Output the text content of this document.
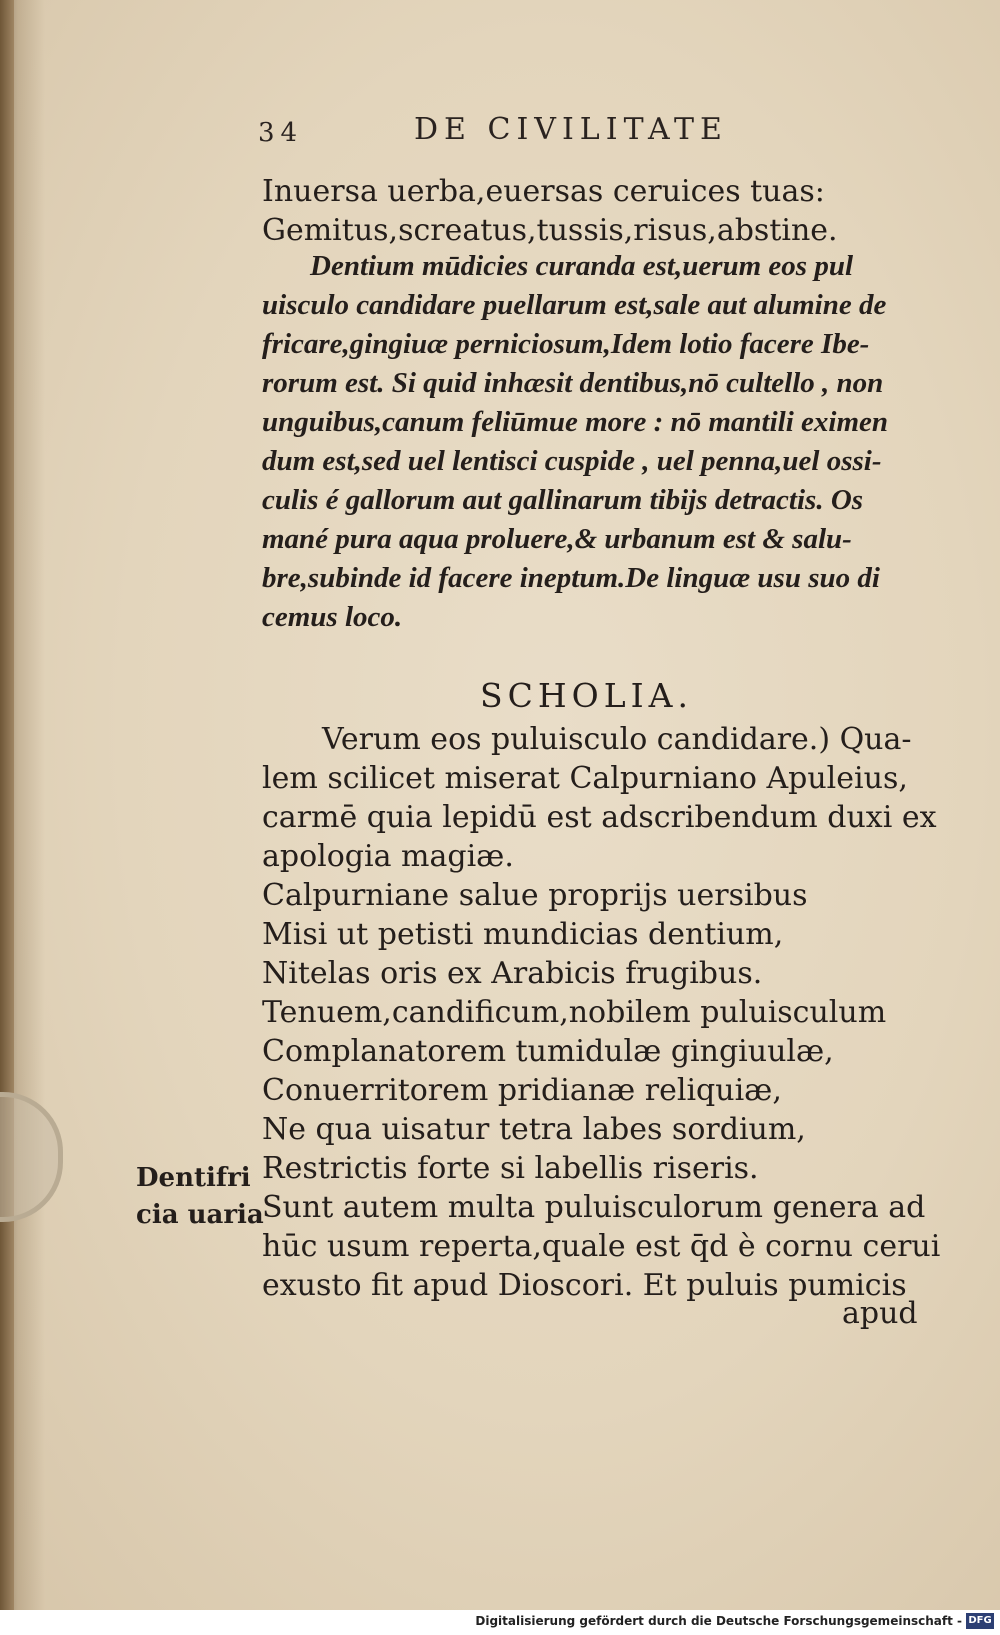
34	DE CIVILITATE
Inuersa uerba,euersas ceruices tuas:
Gemitus,screatus,tussis,risus,abstine.
Dentium mūdicies curanda est,uerum eos pul
uisculo candidare puellarum est,sale aut alumine de
fricare,gingiuæ perniciosum,Idem lotio facere Ibe-
rorum est. Si quid inhæsit dentibus,nō cultello , non
unguibus,canum feliūmue more : nō mantili eximen
dum est,sed uel lentisci cuspide , uel penna,uel ossi-
culis é gallorum aut gallinarum tibijs detractis. Os
mané pura aqua proluere,& urbanum est & salu-
bre,subinde id facere ineptum.De linguæ usu suo di
cemus loco.
SCHOLIA.
Verum eos puluisculo candidare.) Qua-
lem scilicet miserat Calpurniano Apuleius,
carmē quia lepidū est adscribendum duxi ex
apologia magiæ.
Calpurniane salue proprijs uersibus
Misi ut petisti mundicias dentium,
Nitelas oris ex Arabicis frugibus.
Tenuem,candificum,nobilem puluisculum
Complanatorem tumidulæ gingiuulæ,
Conuerritorem pridianæ reliquiæ,
Ne qua uisatur tetra labes sordium,
Restrictis forte si labellis riseris.
Sunt autem multa puluisculorum genera ad
hūc usum reperta,quale est q̄d è cornu cerui
exusto fit apud Dioscori. Et puluis pumicis
Dentifri
cia uaria
apud
Digitalisierung gefördert durch die Deutsche Forschungsgemeinschaft - DFG
